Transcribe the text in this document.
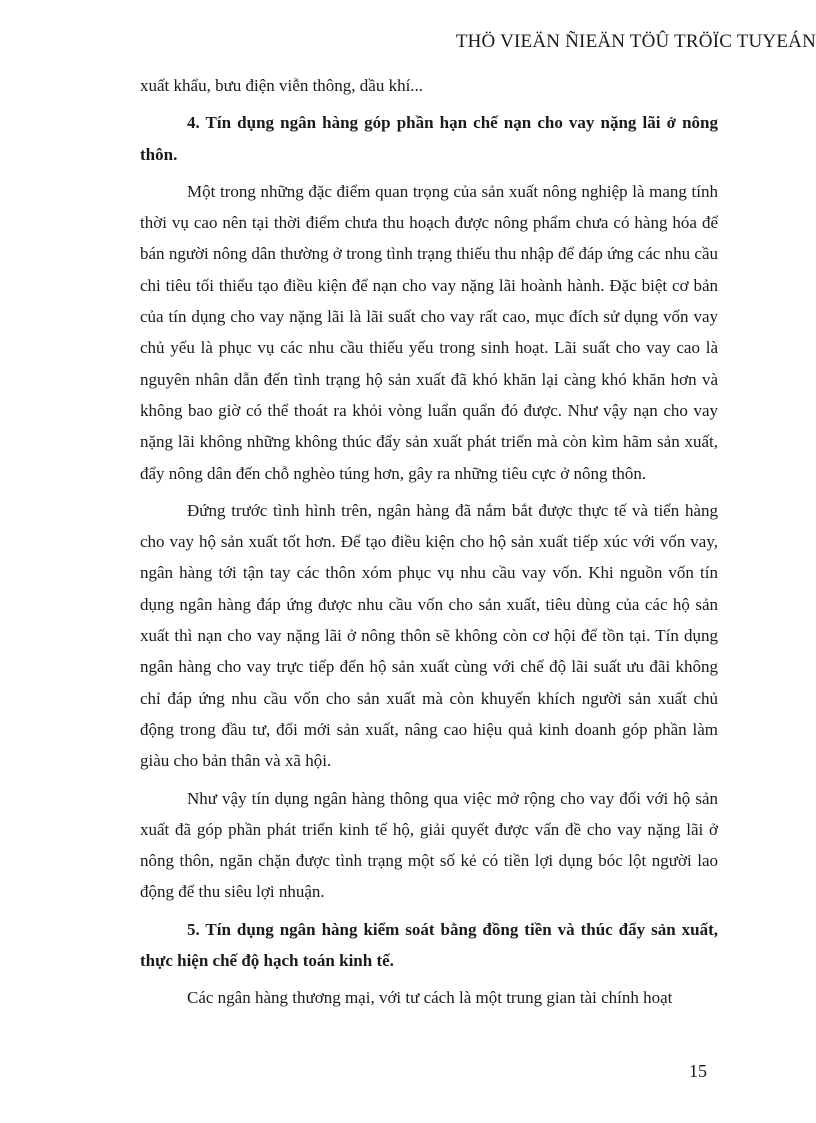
THÖ VIEÄN ÑIEÄN TÖÛ TRÖÏC TUYEÁN

xuất khẩu, bưu điện viễn thông, dầu khí...

4. Tín dụng ngân hàng góp phần hạn chế nạn cho vay nặng lãi ở nông thôn.

Một trong những đặc điểm quan trọng của sản xuất nông nghiệp là mang tính thời vụ cao nên tại thời điểm chưa thu hoạch được nông phẩm chưa có hàng hóa để bán người nông dân thường ở trong tình trạng thiếu thu nhập để đáp ứng các nhu cầu chi tiêu tối thiểu tạo điều kiện để nạn cho vay nặng lãi hoành hành. Đặc biệt cơ bản của tín dụng cho vay nặng lãi là lãi suất cho vay rất cao, mục đích sử dụng vốn vay chủ yếu là phục vụ các nhu cầu thiếu yếu trong sinh hoạt. Lãi suất cho vay cao là nguyên nhân dẫn đến tình trạng hộ sản xuất đã khó khăn lại càng khó khăn hơn và không bao giờ có thể thoát ra khỏi vòng luẩn quẩn đó được. Như vậy nạn cho vay nặng lãi không những không thúc đẩy sản xuất phát triển mà còn kìm hãm sản xuất, đẩy nông dân đến chỗ nghèo túng hơn, gây ra những tiêu cực ở nông thôn.

Đứng trước tình hình trên, ngân hàng đã nắm bắt được thực tế và tiến hàng cho vay hộ sản xuất tốt hơn. Để tạo điều kiện cho hộ sản xuất tiếp xúc với vốn vay, ngân hàng tới tận tay các thôn xóm phục vụ nhu cầu vay vốn. Khi nguồn vốn tín dụng ngân hàng đáp ứng được nhu cầu vốn cho sản xuất, tiêu dùng của các hộ sản xuất thì nạn cho vay nặng lãi ở nông thôn sẽ không còn cơ hội để tồn tại. Tín dụng ngân hàng cho vay trực tiếp đến hộ sản xuất cùng với chế độ lãi suất ưu đãi không chỉ đáp ứng nhu cầu vốn cho sản xuất mà còn khuyến khích người sản xuất chủ động trong đầu tư, đổi mới sản xuất, nâng cao hiệu quả kinh doanh góp phần làm giàu cho bản thân và xã hội.

Như vậy tín dụng ngân hàng thông qua việc mở rộng cho vay đối với hộ sản xuất đã góp phần phát triển kinh tế hộ, giải quyết được vấn đề cho vay nặng lãi ở nông thôn, ngăn chặn được tình trạng một số kẻ có tiền lợi dụng bóc lột người lao động để thu siêu lợi nhuận.

5. Tín dụng ngân hàng kiểm soát bằng đồng tiền và thúc đẩy sản xuất, thực hiện chế độ hạch toán kinh tế.

Các ngân hàng thương mại, với tư cách là một trung gian tài chính hoạt

15
